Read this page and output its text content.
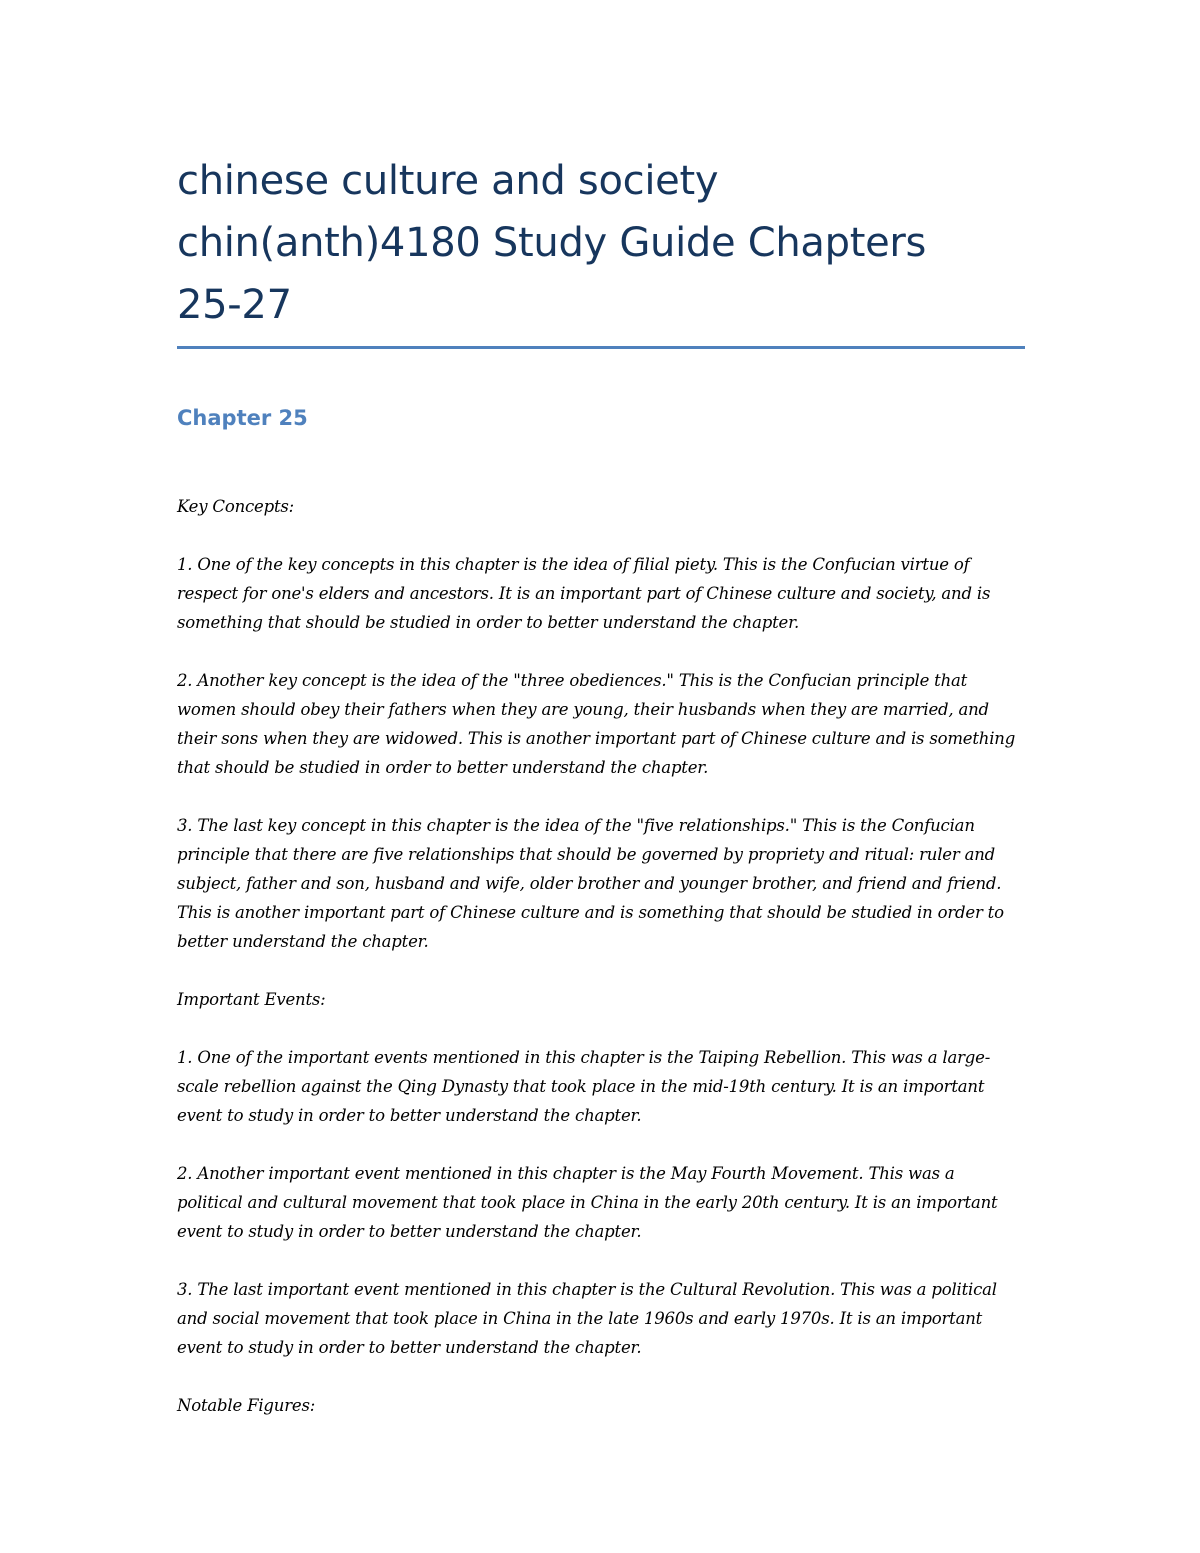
chinese culture and society
chin(anth)4180 Study Guide Chapters
25-27
Chapter 25

Key Concepts:

1. One of the key concepts in this chapter is the idea of filial piety. This is the Confucian virtue of respect for one's elders and ancestors. It is an important part of Chinese culture and society, and is something that should be studied in order to better understand the chapter.

2. Another key concept is the idea of the "three obediences." This is the Confucian principle that women should obey their fathers when they are young, their husbands when they are married, and their sons when they are widowed. This is another important part of Chinese culture and is something that should be studied in order to better understand the chapter.

3. The last key concept in this chapter is the idea of the "five relationships." This is the Confucian principle that there are five relationships that should be governed by propriety and ritual: ruler and subject, father and son, husband and wife, older brother and younger brother, and friend and friend. This is another important part of Chinese culture and is something that should be studied in order to better understand the chapter.

Important Events:

1. One of the important events mentioned in this chapter is the Taiping Rebellion. This was a large-scale rebellion against the Qing Dynasty that took place in the mid-19th century. It is an important event to study in order to better understand the chapter.

2. Another important event mentioned in this chapter is the May Fourth Movement. This was a political and cultural movement that took place in China in the early 20th century. It is an important event to study in order to better understand the chapter.

3. The last important event mentioned in this chapter is the Cultural Revolution. This was a political and social movement that took place in China in the late 1960s and early 1970s. It is an important event to study in order to better understand the chapter.

Notable Figures:
